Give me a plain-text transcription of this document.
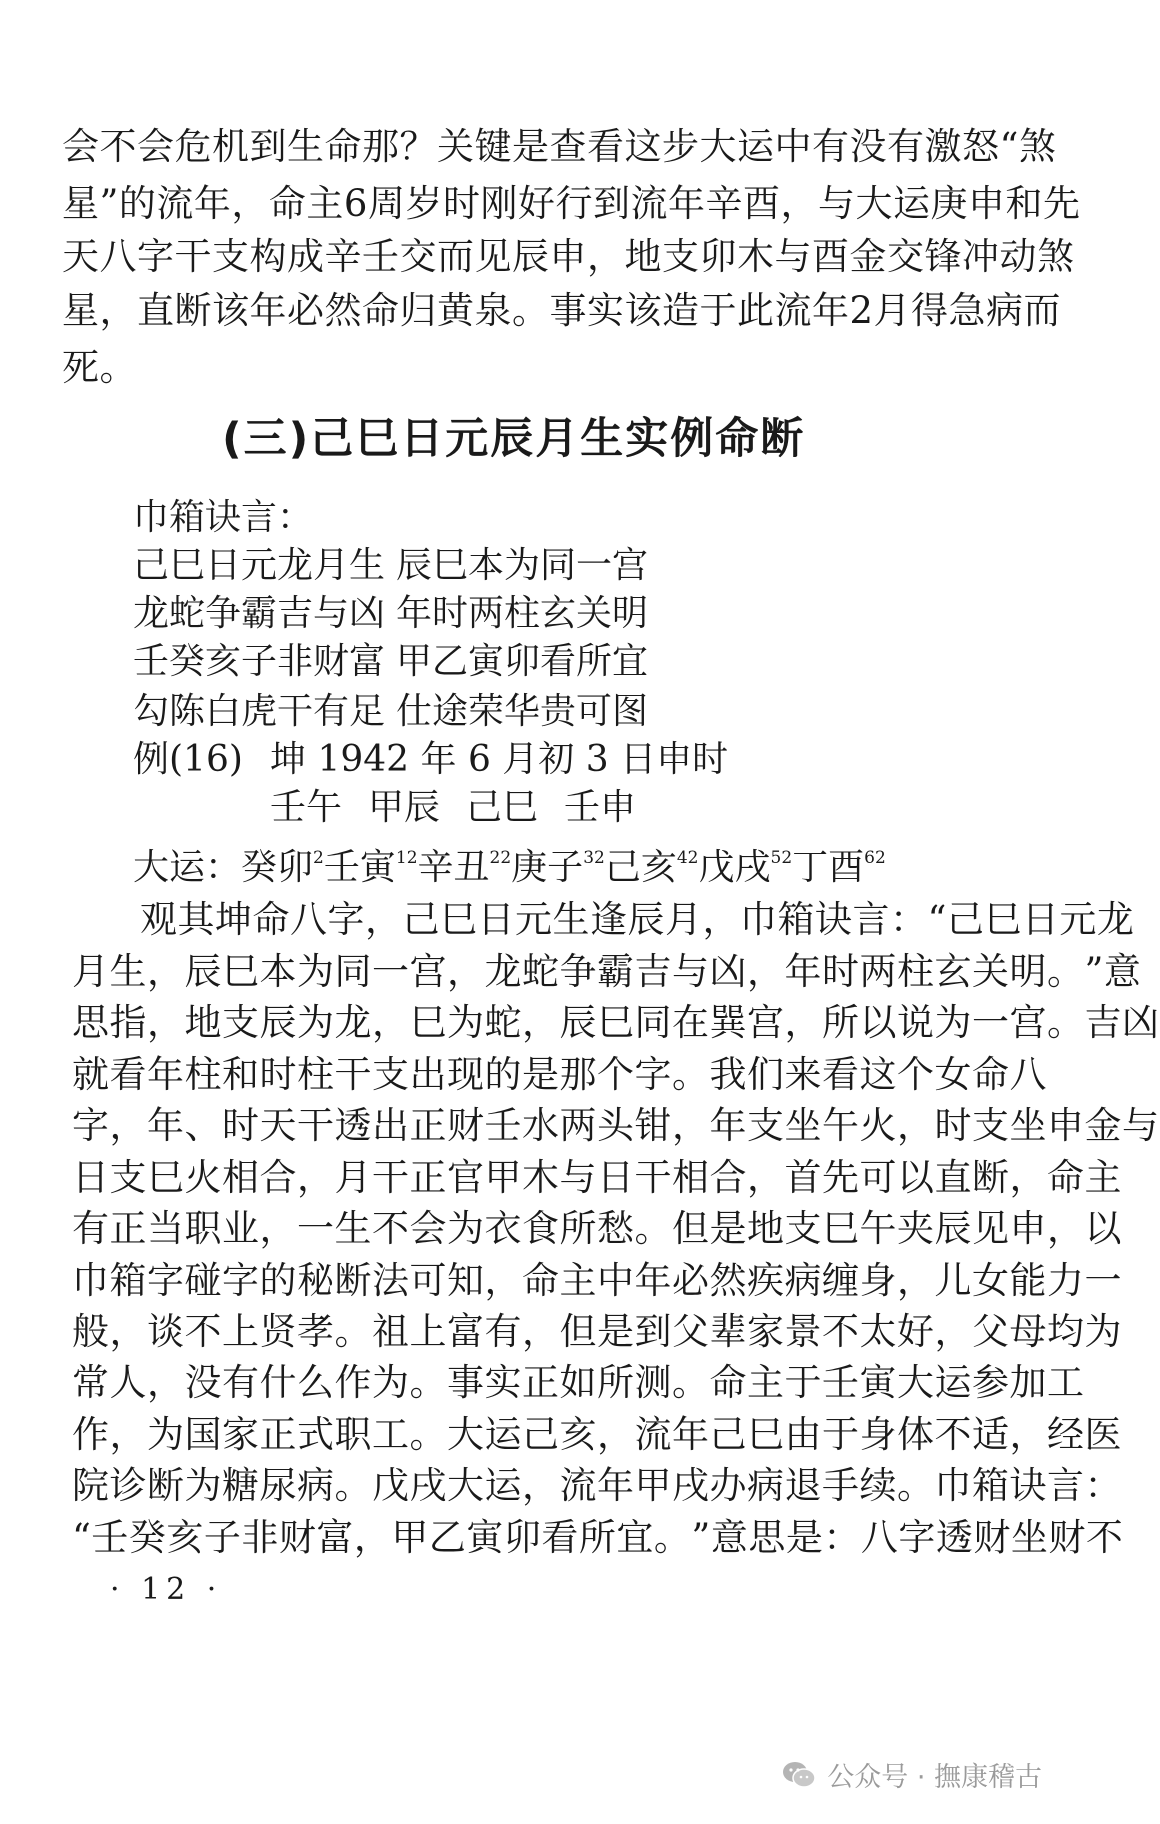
会 不 会 危 机 到 生 命 那 ？ 关 键 是 查 看 这 步 大 运 中 有 没 有 激 怒 “ 煞
星 ” 的 流 年 ， 命 主 6 周 岁 时 刚 好 行 到 流 年 辛 酉 ， 与 大 运 庚 申 和 先
天 八 字 干 支 构 成 辛 壬 交 而 见 辰 申 ， 地 支 卯 木 与 酉 金 交 锋 冲 动 煞
星 ， 直 断 该 年 必 然 命 归 黄 泉 。 事 实 该 造 于 此 流 年 2 月 得 急 病 而
死。
(三)己巳日元辰月生实例命断
巾箱诀言：
己巳日元龙月生 辰巳本为同一宫
龙蛇争霸吉与凶 年时两柱玄关明
壬癸亥子非财富 甲乙寅卯看所宜
勾陈白虎干有足 仕途荣华贵可图
例(16) 坤 1942 年 6 月初 3 日申时
壬午 甲辰 己巳 壬申
大运：癸卯$^2$壬寅$^{12}$辛丑$^{22}$庚子$^{32}$己亥$^{42}$戊戌$^{52}$丁酉$^{62}$
观 其 坤 命 八 字 ， 己 巳 日 元 生 逢 辰 月 ， 巾 箱 诀 言 ： “ 己 巳 日 元 龙
月 生 ， 辰 巳 本 为 同 一 宫 ， 龙 蛇 争 霸 吉 与 凶 ， 年 时 两 柱 玄 关 明 。 ” 意
思 指 ， 地 支 辰 为 龙 ， 巳 为 蛇 ， 辰 巳 同 在 巽 宫 ， 所 以 说 为 一 宫 。 吉 凶
就 看 年 柱 和 时 柱 干 支 出 现 的 是 那 个 字 。 我 们 来 看 这 个 女 命 八
字 ， 年 、 时 天 干 透 出 正 财 壬 水 两 头 钳 ， 年 支 坐 午 火 ， 时 支 坐 申 金 与
日 支 巳 火 相 合 ， 月 干 正 官 甲 木 与 日 干 相 合 ， 首 先 可 以 直 断 ， 命 主
有 正 当 职 业 ， 一 生 不 会 为 衣 食 所 愁 。 但 是 地 支 巳 午 夹 辰 见 申 ， 以
巾 箱 字 碰 字 的 秘 断 法 可 知 ， 命 主 中 年 必 然 疾 病 缠 身 ， 儿 女 能 力 一
般 ， 谈 不 上 贤 孝 。 祖 上 富 有 ， 但 是 到 父 辈 家 景 不 太 好 ， 父 母 均 为
常 人 ， 没 有 什 么 作 为 。 事 实 正 如 所 测 。 命 主 于 壬 寅 大 运 参 加 工
作 ， 为 国 家 正 式 职 工 。 大 运 己 亥 ， 流 年 己 巳 由 于 身 体 不 适 ， 经 医
院 诊 断 为 糖 尿 病 。 戊 戌 大 运 ， 流 年 甲 戌 办 病 退 手 续 。 巾 箱 诀 言 ：
“ 壬 癸 亥 子 非 财 富 ， 甲 乙 寅 卯 看 所 宜 。 ” 意 思 是 ： 八 字 透 财 坐 财 不
· 12 ·
公众号 · 撫康稽古
